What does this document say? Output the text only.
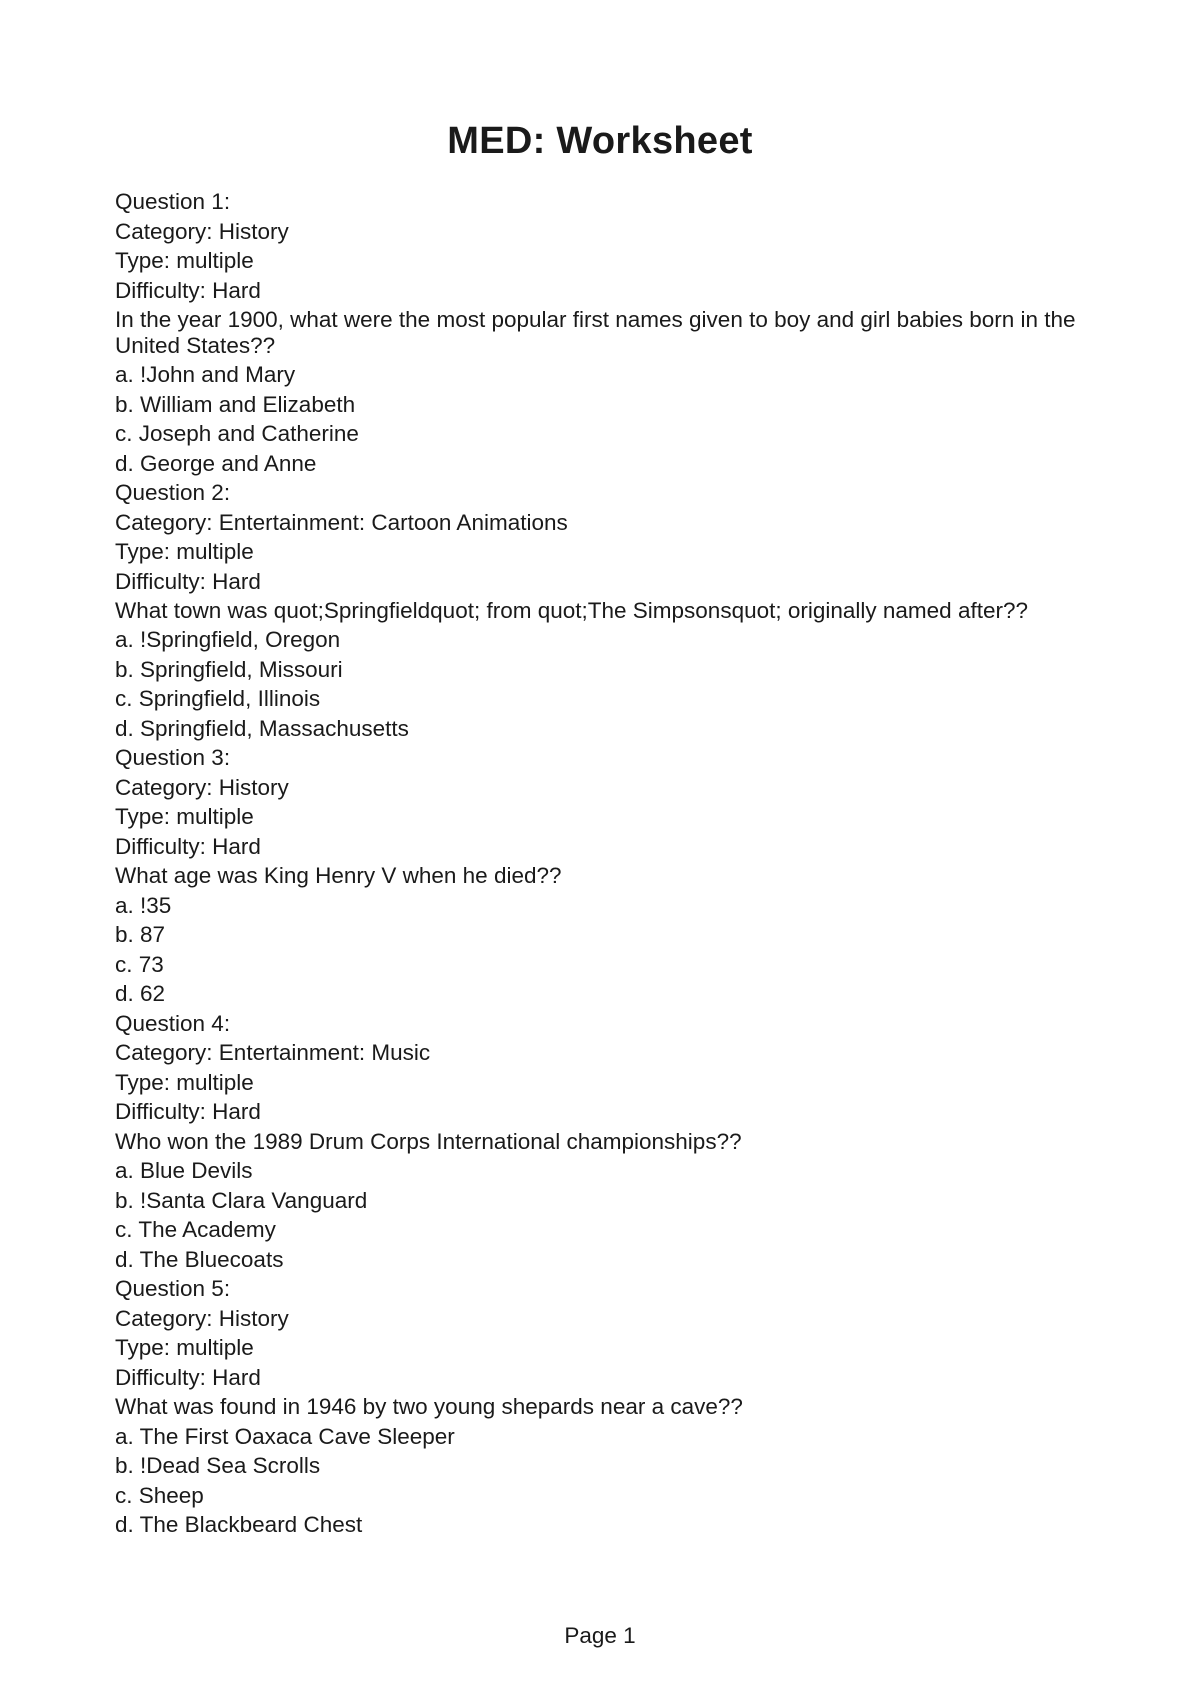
MED: Worksheet
Question 1:
Category: History
Type: multiple
Difficulty: Hard
In the year 1900, what were the most popular first names given to boy and girl babies born in the United States??
a. !John and Mary
b. William and Elizabeth
c. Joseph and Catherine
d. George and Anne
Question 2:
Category: Entertainment: Cartoon Animations
Type: multiple
Difficulty: Hard
What town was quot;Springfieldquot; from quot;The Simpsonsquot; originally named after??
a. !Springfield, Oregon
b. Springfield, Missouri
c. Springfield, Illinois
d. Springfield, Massachusetts
Question 3:
Category: History
Type: multiple
Difficulty: Hard
What age was King Henry V when he died??
a. !35
b. 87
c. 73
d. 62
Question 4:
Category: Entertainment: Music
Type: multiple
Difficulty: Hard
Who won the 1989 Drum Corps International championships??
a. Blue Devils
b. !Santa Clara Vanguard
c. The Academy
d. The Bluecoats
Question 5:
Category: History
Type: multiple
Difficulty: Hard
What was found in 1946 by two young shepards near a cave??
a. The First Oaxaca Cave Sleeper
b. !Dead Sea Scrolls
c. Sheep
d. The Blackbeard Chest
Page 1
